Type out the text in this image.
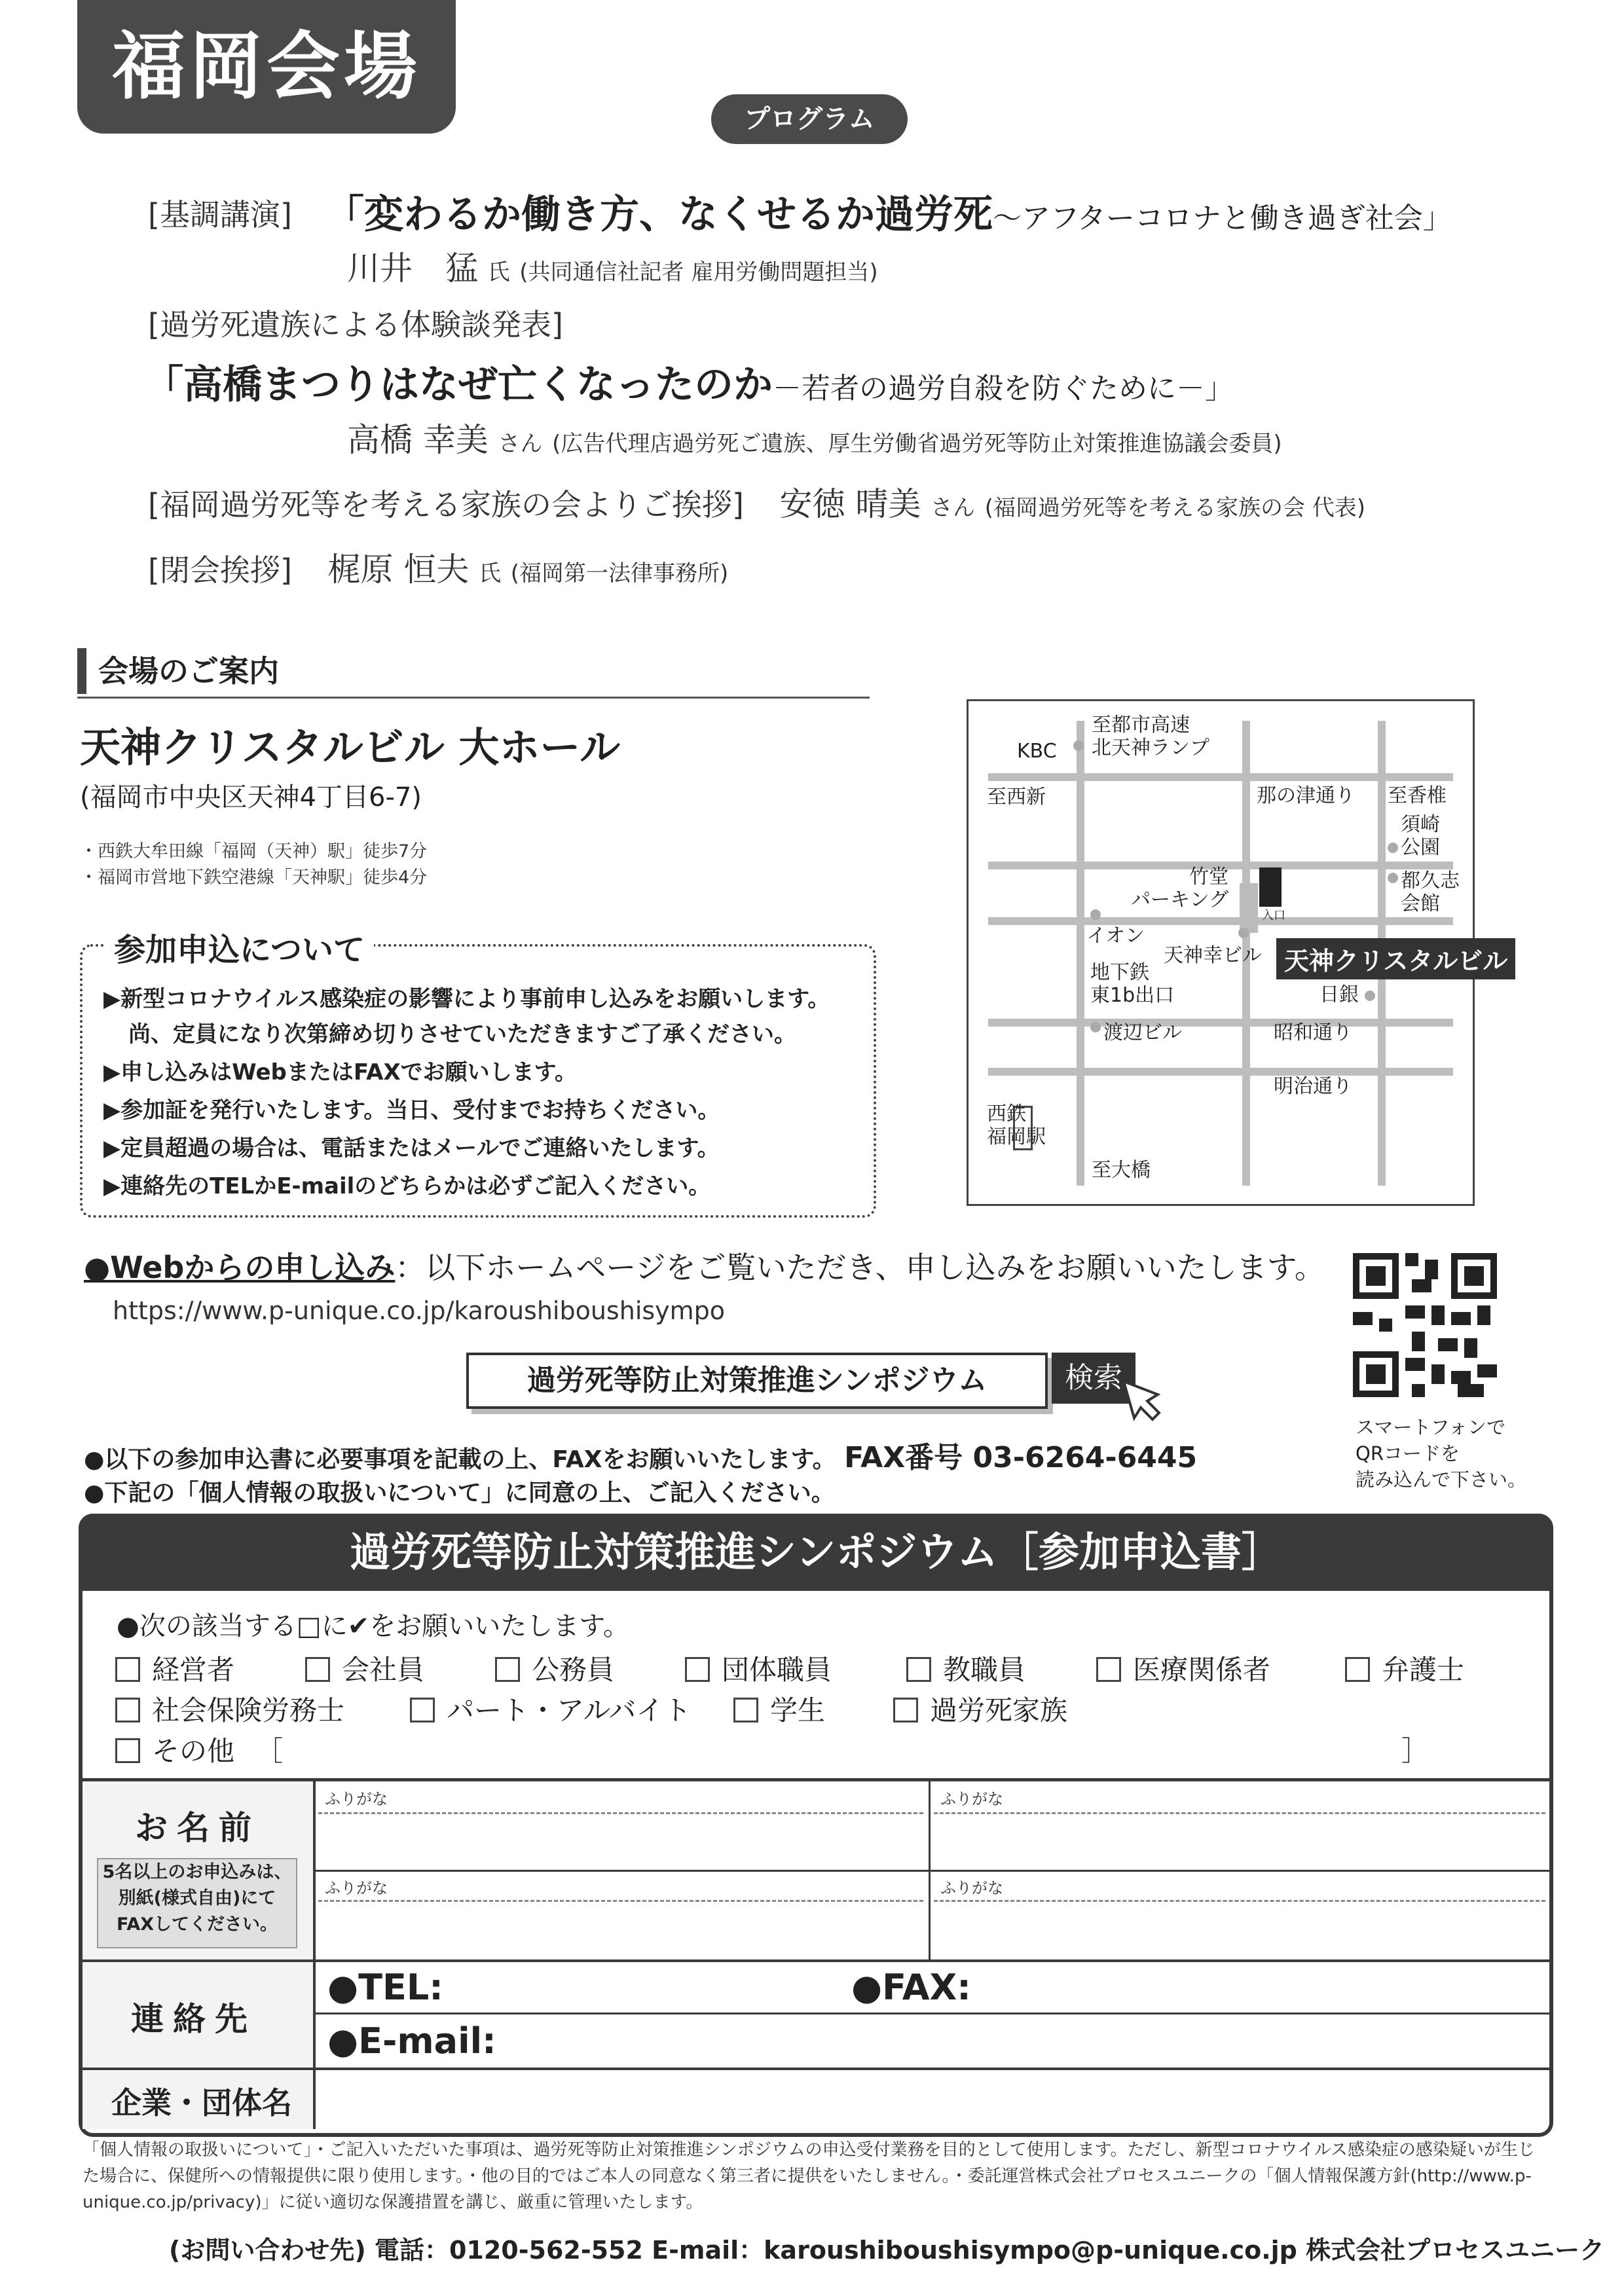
福岡会場
プログラム
[基調講演] 「変わるか働き方、なくせるか過労死～アフターコロナと働き過ぎ社会」
川井　猛 氏 (共同通信社記者 雇用労働問題担当)
[過労死遺族による体験談発表]
「高橋まつりはなぜ亡くなったのか－若者の過労自殺を防ぐために－」
高橋 幸美 さん (広告代理店過労死ご遺族、厚生労働省過労死等防止対策推進協議会委員)
[福岡過労死等を考える家族の会よりご挨拶] 安徳 晴美 さん (福岡過労死等を考える家族の会 代表)
[閉会挨拶] 梶原 恒夫 氏 (福岡第一法律事務所)
会場のご案内
天神クリスタルビル 大ホール
(福岡市中央区天神4丁目6-7)
・西鉄大牟田線「福岡（天神）駅」徒歩7分
・福岡市営地下鉄空港線「天神駅」徒歩4分
参加申込について
▶新型コロナウイルス感染症の影響により事前申し込みをお願いします。
尚、定員になり次第締め切りさせていただきますご了承ください。
▶申し込みはWebまたはFAXでお願いします。
▶参加証を発行いたします。当日、受付までお持ちください。
▶定員超過の場合は、電話またはメールでご連絡いたします。
▶連絡先のTELかE-mailのどちらかは必ずご記入ください。
KBC
至都市高速
北天神ランプ
至西新	那の津通り 至香椎
須崎
公園
竹堂
パーキング
入口
都久志
会館
イオン
天神幸ビル 天神クリスタルビル
地下鉄
東1b出口	日銀
渡辺ビル	昭和通り
明治通り
西鉄
福岡駅
至大橋
●Webからの申し込み：以下ホームページをご覧いただき、申し込みをお願いいたします。
https://www.p-unique.co.jp/karoushiboushisympo
過労死等防止対策推進シンポジウム	検索
スマートフォンで
QRコードを
読み込んで下さい。
●以下の参加申込書に必要事項を記載の上、FAXをお願いいたします。 FAX番号 03-6264-6445
●下記の「個人情報の取扱いについて」に同意の上、ご記入ください。
過労死等防止対策推進シンポジウム［参加申込書］
●次の該当する□に✔をお願いいたします。
経営者	会社員	公務員	団体職員	教職員	医療関係者	弁護士
社会保険労務士	パート・アルバイト	学生	過労死家族
その他 ［	］
お名前
5名以上のお申込みは、
別紙(様式自由)にて
FAXしてください。
ふりがな	ふりがな
ふりがな	ふりがな
連絡先
●TEL:	●FAX:
●E-mail:
企業・団体名
「個人情報の取扱いについて」・ご記入いただいた事項は、過労死等防止対策推進シンポジウムの申込受付業務を目的として使用します。ただし、新型コロナウイルス感染症の感染疑いが生じた場合に、保健所への情報提供に限り使用します。・他の目的ではご本人の同意なく第三者に提供をいたしません。・委託運営株式会社プロセスユニークの「個人情報保護方針(http://www.p-unique.co.jp/privacy)」に従い適切な保護措置を講じ、厳重に管理いたします。
(お問い合わせ先) 電話：0120-562-552 E-mail：karoushiboushisympo@p-unique.co.jp 株式会社プロセスユニーク
